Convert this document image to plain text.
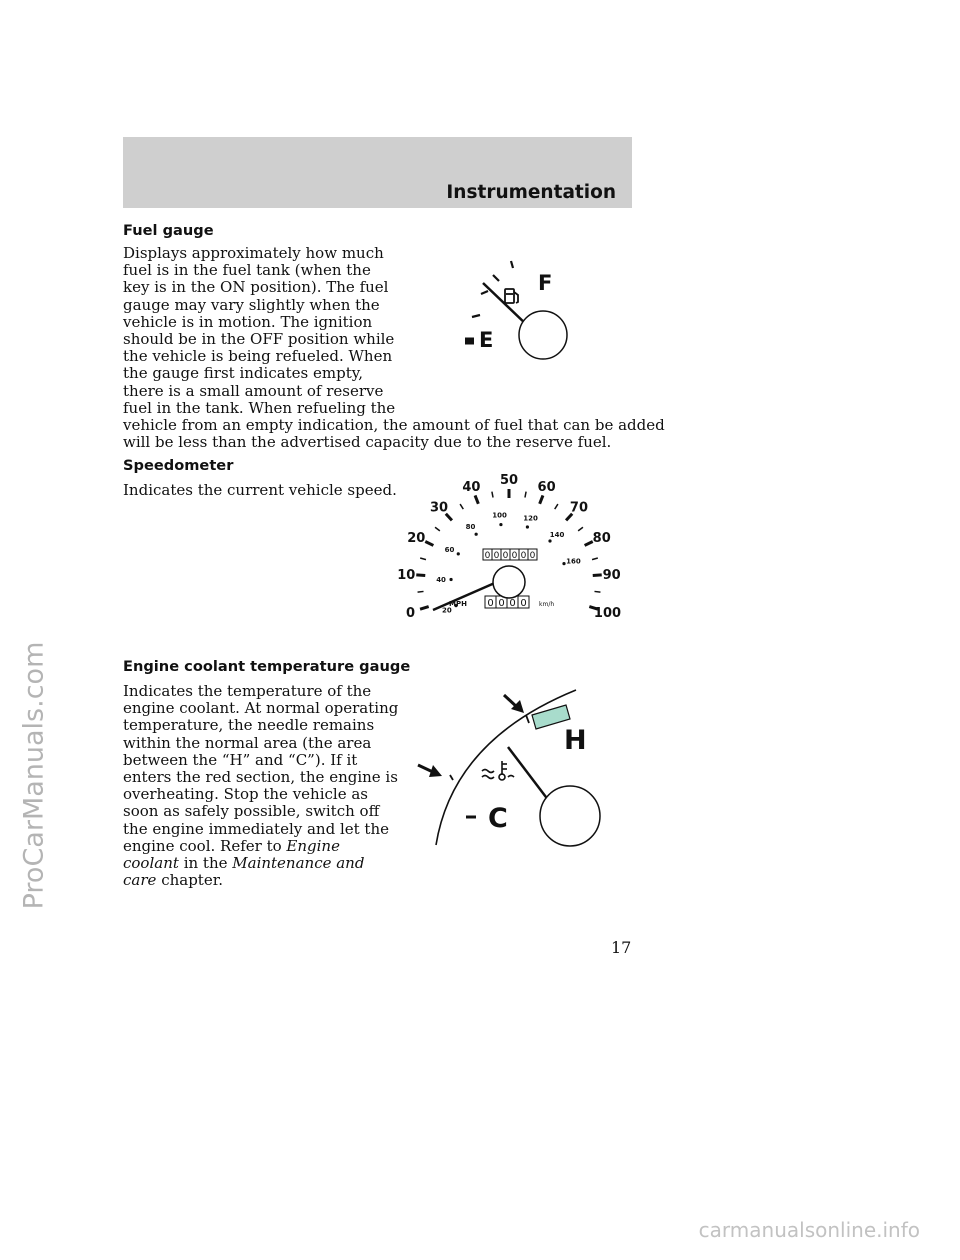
ProCarManuals.com
carmanualsonline.info
Instrumentation
Fuel gauge
Displays approximately how much
fuel is in the fuel tank (when the
key is in the ON position). The fuel
gauge may vary slightly when the
vehicle is in motion. The ignition
should be in the OFF position while
the vehicle is being refueled. When
the gauge first indicates empty,
there is a small amount of reserve
fuel in the tank. When refueling the
vehicle from an empty indication, the amount of fuel that can be added
will be less than the advertised capacity due to the reserve fuel.
F
E
Speedometer
Indicates the current vehicle speed.
0
10
20
30
40 50 60
70
80
90
100
20
40
60
80
100 120
140
160
0 0 0 0 0 0
0 0 0 0
MPH	km/h
Engine coolant temperature gauge
Indicates the temperature of the
engine coolant. At normal operating
temperature, the needle remains
within the normal area (the area
between the “H” and “C”). If it
enters the red section, the engine is
overheating. Stop the vehicle as
soon as safely possible, switch off
the engine immediately and let the
engine cool. Refer to Engine
coolant in the Maintenance and
care chapter.
H
C

17
